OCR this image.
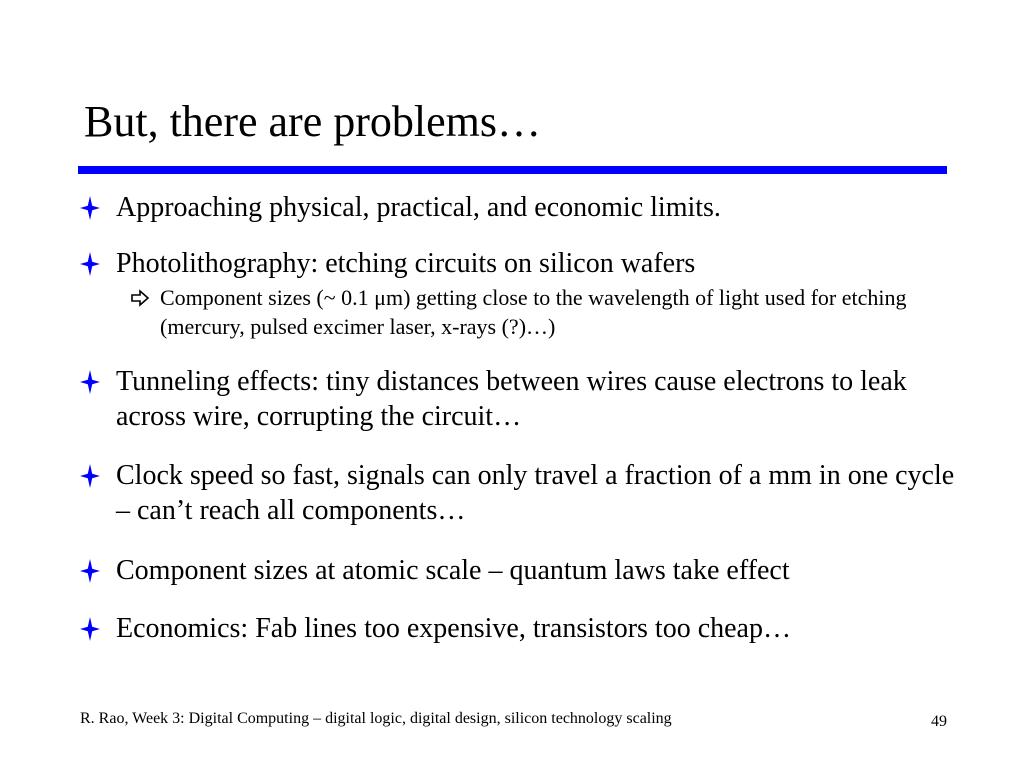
But, there are problems…
Approaching physical, practical, and economic limits.
Photolithography: etching circuits on silicon wafers
Component sizes (~ 0.1 μm) getting close to the wavelength of light used for etching (mercury, pulsed excimer laser, x-rays (?)…)
Tunneling effects: tiny distances between wires cause electrons to leak across wire, corrupting the circuit…
Clock speed so fast, signals can only travel a fraction of a mm in one cycle – can’t reach all components…
Component sizes at atomic scale – quantum laws take effect
Economics: Fab lines too expensive, transistors too cheap…
R. Rao, Week 3: Digital Computing – digital logic, digital design, silicon technology scaling	49
